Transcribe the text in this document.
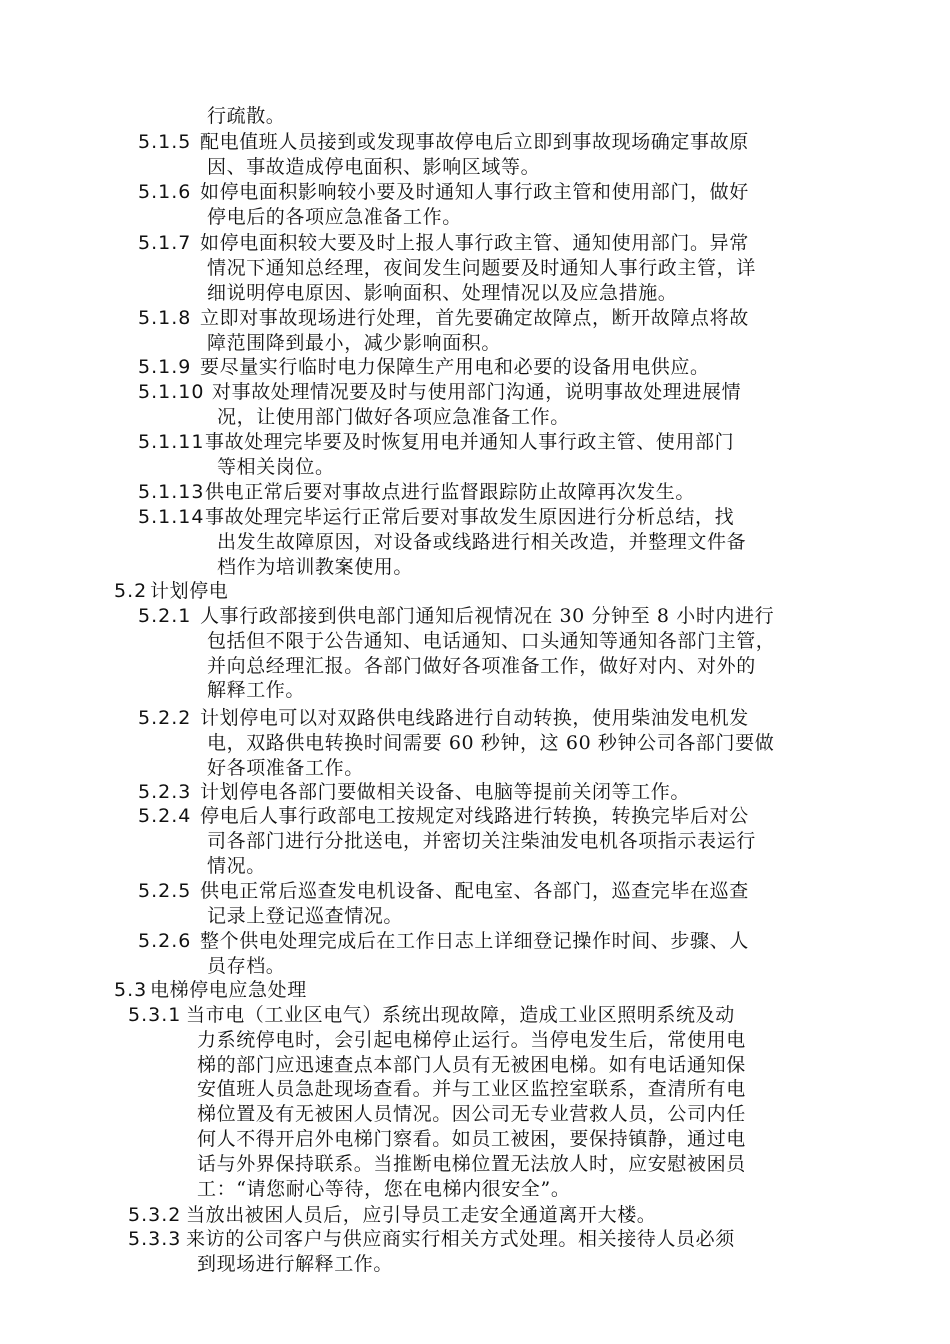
行疏散。
5.1.5 配电值班人员接到或发现事故停电后立即到事故现场确定事故原
因、事故造成停电面积、影响区域等。
5.1.6 如停电面积影响较小要及时通知人事行政主管和使用部门，做好
停电后的各项应急准备工作。
5.1.7 如停电面积较大要及时上报人事行政主管、通知使用部门。异常
情况下通知总经理，夜间发生问题要及时通知人事行政主管，详
细说明停电原因、影响面积、处理情况以及应急措施。
5.1.8 立即对事故现场进行处理，首先要确定故障点，断开故障点将故
障范围降到最小，减少影响面积。
5.1.9 要尽量实行临时电力保障生产用电和必要的设备用电供应。
5.1.10 对事故处理情况要及时与使用部门沟通，说明事故处理进展情
况，让使用部门做好各项应急准备工作。
5.1.11 事故处理完毕要及时恢复用电并通知人事行政主管、使用部门
等相关岗位。
5.1.13 供电正常后要对事故点进行监督跟踪防止故障再次发生。
5.1.14 事故处理完毕运行正常后要对事故发生原因进行分析总结，找
出发生故障原因，对设备或线路进行相关改造，并整理文件备
档作为培训教案使用。
5.2 计划停电
5.2.1 人事行政部接到供电部门通知后视情况在 30 分钟至 8 小时内进行
包括但不限于公告通知、电话通知、口头通知等通知各部门主管，
并向总经理汇报。各部门做好各项准备工作，做好对内、对外的
解释工作。
5.2.2 计划停电可以对双路供电线路进行自动转换，使用柴油发电机发
电，双路供电转换时间需要 60 秒钟，这 60 秒钟公司各部门要做
好各项准备工作。
5.2.3 计划停电各部门要做相关设备、电脑等提前关闭等工作。
5.2.4 停电后人事行政部电工按规定对线路进行转换，转换完毕后对公
司各部门进行分批送电，并密切关注柴油发电机各项指示表运行
情况。
5.2.5 供电正常后巡查发电机设备、配电室、各部门，巡查完毕在巡查
记录上登记巡查情况。
5.2.6 整个供电处理完成后在工作日志上详细登记操作时间、步骤、人
员存档。
5.3 电梯停电应急处理
5.3.1 当市电（工业区电气）系统出现故障，造成工业区照明系统及动
力系统停电时，会引起电梯停止运行。当停电发生后，常使用电
梯的部门应迅速查点本部门人员有无被困电梯。如有电话通知保
安值班人员急赴现场查看。并与工业区监控室联系，查清所有电
梯位置及有无被困人员情况。因公司无专业营救人员，公司内任
何人不得开启外电梯门察看。如员工被困，要保持镇静，通过电
话与外界保持联系。当推断电梯位置无法放人时，应安慰被困员
工：“请您耐心等待，您在电梯内很安全”。
5.3.2 当放出被困人员后，应引导员工走安全通道离开大楼。
5.3.3 来访的公司客户与供应商实行相关方式处理。相关接待人员必须
到现场进行解释工作。
